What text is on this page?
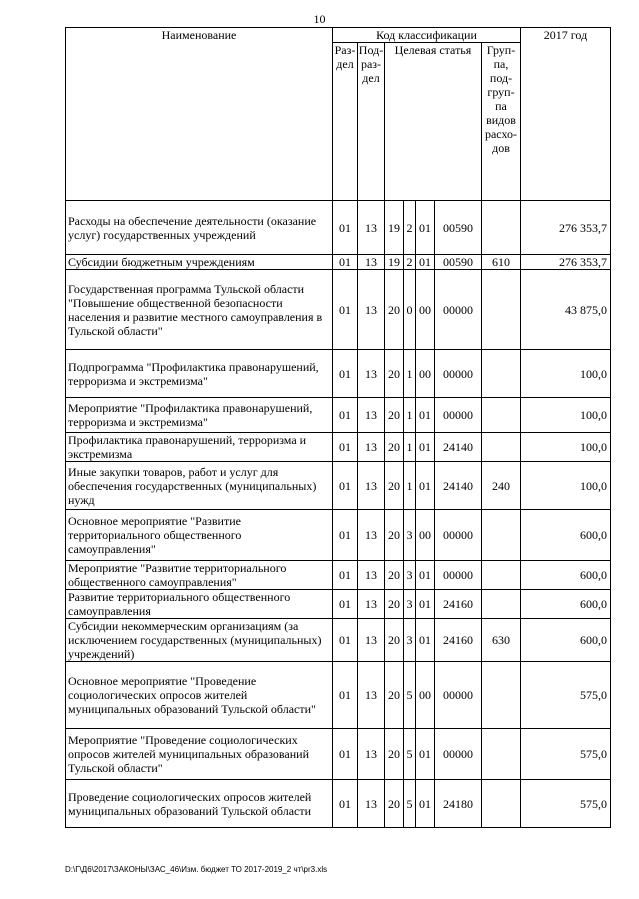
10
Наименование	Код классификации							2017 год
	Раз- дел	Под- раз- дел	Целевая статья				Груп- па, под- груп- па видов расхо- дов	
Расходы на обеспечение деятельности (оказание услуг) государственных учреждений	01	13	19	2	01	00590		276 353,7
Субсидии бюджетным учреждениям	01	13	19	2	01	00590	610	276 353,7
Государственная программа Тульской области "Повышение общественной безопасности населения и развитие местного самоуправления в Тульской области"	01	13	20	0	00	00000		43 875,0
Подпрограмма "Профилактика правонарушений, терроризма и экстремизма"	01	13	20	1	00	00000		100,0
Мероприятие "Профилактика правонарушений, терроризма и экстремизма"	01	13	20	1	01	00000		100,0
Профилактика правонарушений, терроризма и экстремизма	01	13	20	1	01	24140		100,0
Иные закупки товаров, работ и услуг для обеспечения государственных (муниципальных) нужд	01	13	20	1	01	24140	240	100,0
Основное мероприятие "Развитие территориального общественного самоуправления"	01	13	20	3	00	00000		600,0
Мероприятие "Развитие территориального общественного самоуправления"	01	13	20	3	01	00000		600,0
Развитие территориального общественного самоуправления	01	13	20	3	01	24160		600,0
Субсидии некоммерческим организациям (за исключением государственных (муниципальных) учреждений)	01	13	20	3	01	24160	630	600,0
Основное мероприятие "Проведение социологических опросов жителей муниципальных образований Тульской области"	01	13	20	5	00	00000		575,0
Мероприятие "Проведение социологических опросов жителей муниципальных образований Тульской области"	01	13	20	5	01	00000		575,0
Проведение социологических опросов жителей муниципальных образований Тульской области	01	13	20	5	01	24180		575,0
D:\Г\Д6\2017\ЗАКОНЫ\ЗАС_46\Изм. бюджет ТО 2017-2019_2 чт\pr3.xls
